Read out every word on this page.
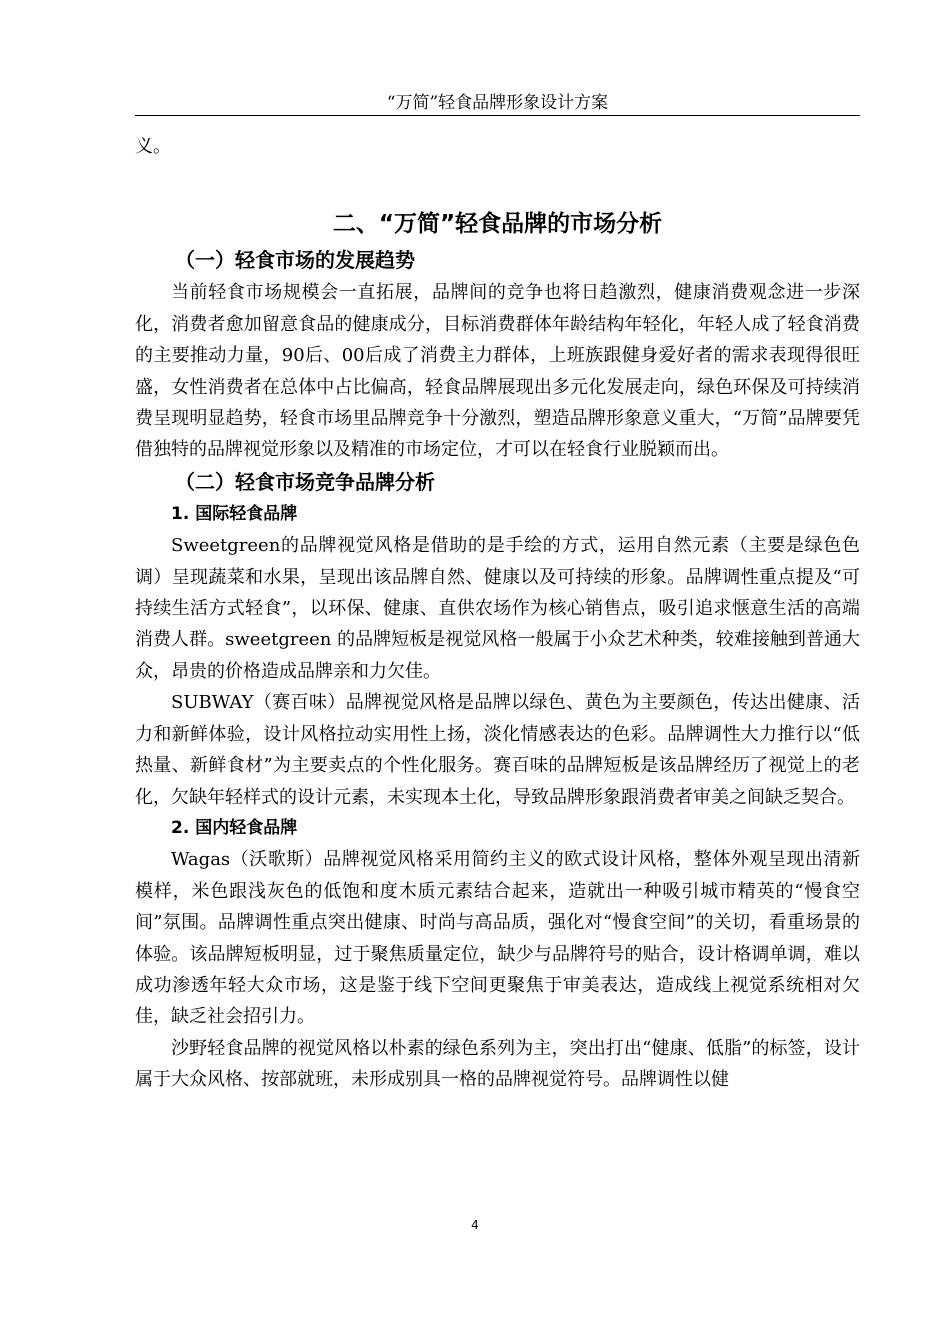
“万简”轻食品牌形象设计方案

义。

二、“万简”轻食品牌的市场分析
（一）轻食市场的发展趋势

当前轻食市场规模会一直拓展，品牌间的竞争也将日趋激烈，健康消费观念进一步深化，消费者愈加留意食品的健康成分，目标消费群体年龄结构年轻化，年轻人成了轻食消费的主要推动力量，90后、00后成了消费主力群体，上班族跟健身爱好者的需求表现得很旺盛，女性消费者在总体中占比偏高，轻食品牌展现出多元化发展走向，绿色环保及可持续消费呈现明显趋势，轻食市场里品牌竞争十分激烈，塑造品牌形象意义重大，“万简”品牌要凭借独特的品牌视觉形象以及精准的市场定位，才可以在轻食行业脱颖而出。

（二）轻食市场竞争品牌分析
1. 国际轻食品牌

Sweetgreen的品牌视觉风格是借助的是手绘的方式，运用自然元素（主要是绿色色调）呈现蔬菜和水果，呈现出该品牌自然、健康以及可持续的形象。品牌调性重点提及“可持续生活方式轻食”，以环保、健康、直供农场作为核心销售点，吸引追求惬意生活的高端消费人群。sweetgreen 的品牌短板是视觉风格一般属于小众艺术种类，较难接触到普通大众，昂贵的价格造成品牌亲和力欠佳。

SUBWAY（赛百味）品牌视觉风格是品牌以绿色、黄色为主要颜色，传达出健康、活力和新鲜体验，设计风格拉动实用性上扬，淡化情感表达的色彩。品牌调性大力推行以“低热量、新鲜食材”为主要卖点的个性化服务。赛百味的品牌短板是该品牌经历了视觉上的老化，欠缺年轻样式的设计元素，未实现本土化，导致品牌形象跟消费者审美之间缺乏契合。

2. 国内轻食品牌

Wagas（沃歌斯）品牌视觉风格采用简约主义的欧式设计风格，整体外观呈现出清新模样，米色跟浅灰色的低饱和度木质元素结合起来，造就出一种吸引城市精英的“慢食空间”氛围。品牌调性重点突出健康、时尚与高品质，强化对“慢食空间”的关切，看重场景的体验。该品牌短板明显，过于聚焦质量定位，缺少与品牌符号的贴合，设计格调单调，难以成功渗透年轻大众市场，这是鉴于线下空间更聚焦于审美表达，造成线上视觉系统相对欠佳，缺乏社会招引力。

沙野轻食品牌的视觉风格以朴素的绿色系列为主，突出打出“健康、低脂”的标签，设计属于大众风格、按部就班，未形成别具一格的品牌视觉符号。品牌调性以健

4
